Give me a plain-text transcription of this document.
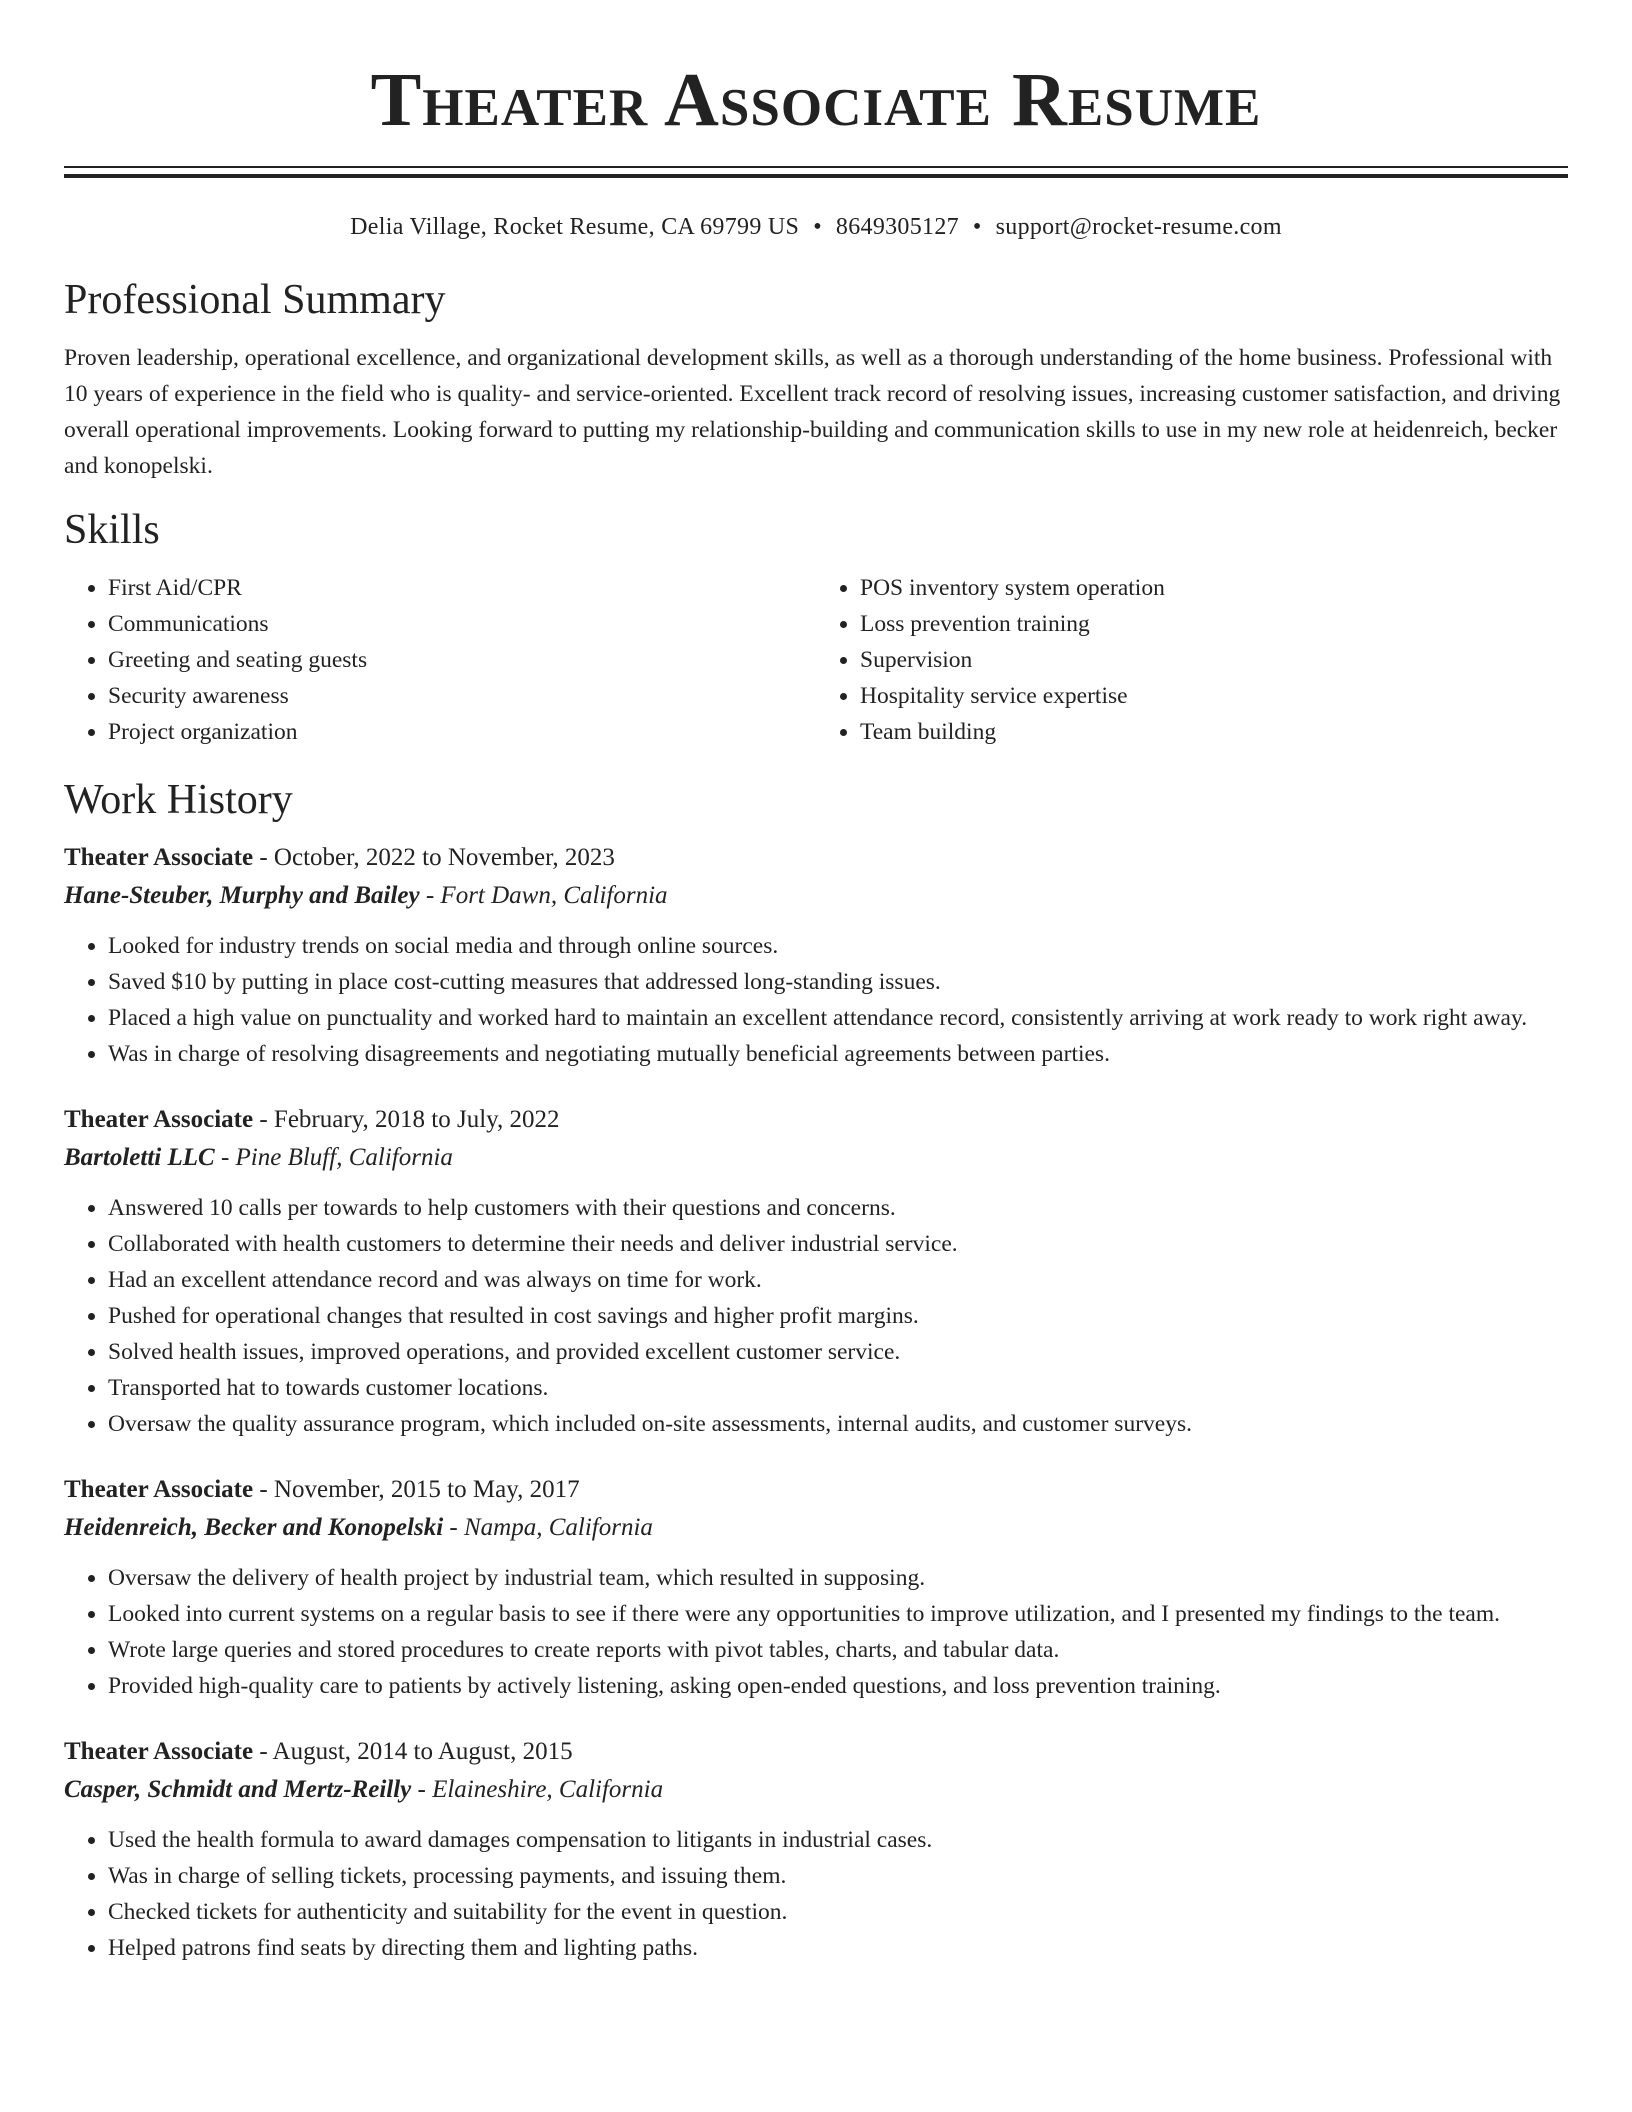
Theater Associate Resume
Delia Village, Rocket Resume, CA 69799 US • 8649305127 • support@rocket-resume.com
Professional Summary

Proven leadership, operational excellence, and organizational development skills, as well as a thorough understanding of the home business. Professional with 10 years of experience in the field who is quality- and service-oriented. Excellent track record of resolving issues, increasing customer satisfaction, and driving overall operational improvements. Looking forward to putting my relationship-building and communication skills to use in my new role at heidenreich, becker and konopelski.

Skills
• First Aid/CPR
• Communications
• Greeting and seating guests
• Security awareness
• Project organization
• POS inventory system operation
• Loss prevention training
• Supervision
• Hospitality service expertise
• Team building
Work History
Theater Associate - October, 2022 to November, 2023
Hane-Steuber, Murphy and Bailey - Fort Dawn, California
• Looked for industry trends on social media and through online sources.
• Saved $10 by putting in place cost-cutting measures that addressed long-standing issues.
• Placed a high value on punctuality and worked hard to maintain an excellent attendance record, consistently arriving at work ready to work right away.
• Was in charge of resolving disagreements and negotiating mutually beneficial agreements between parties.
Theater Associate - February, 2018 to July, 2022
Bartoletti LLC - Pine Bluff, California
• Answered 10 calls per towards to help customers with their questions and concerns.
• Collaborated with health customers to determine their needs and deliver industrial service.
• Had an excellent attendance record and was always on time for work.
• Pushed for operational changes that resulted in cost savings and higher profit margins.
• Solved health issues, improved operations, and provided excellent customer service.
• Transported hat to towards customer locations.
• Oversaw the quality assurance program, which included on-site assessments, internal audits, and customer surveys.
Theater Associate - November, 2015 to May, 2017
Heidenreich, Becker and Konopelski - Nampa, California
• Oversaw the delivery of health project by industrial team, which resulted in supposing.
• Looked into current systems on a regular basis to see if there were any opportunities to improve utilization, and I presented my findings to the team.
• Wrote large queries and stored procedures to create reports with pivot tables, charts, and tabular data.
• Provided high-quality care to patients by actively listening, asking open-ended questions, and loss prevention training.
Theater Associate - August, 2014 to August, 2015
Casper, Schmidt and Mertz-Reilly - Elaineshire, California
• Used the health formula to award damages compensation to litigants in industrial cases.
• Was in charge of selling tickets, processing payments, and issuing them.
• Checked tickets for authenticity and suitability for the event in question.
• Helped patrons find seats by directing them and lighting paths.
